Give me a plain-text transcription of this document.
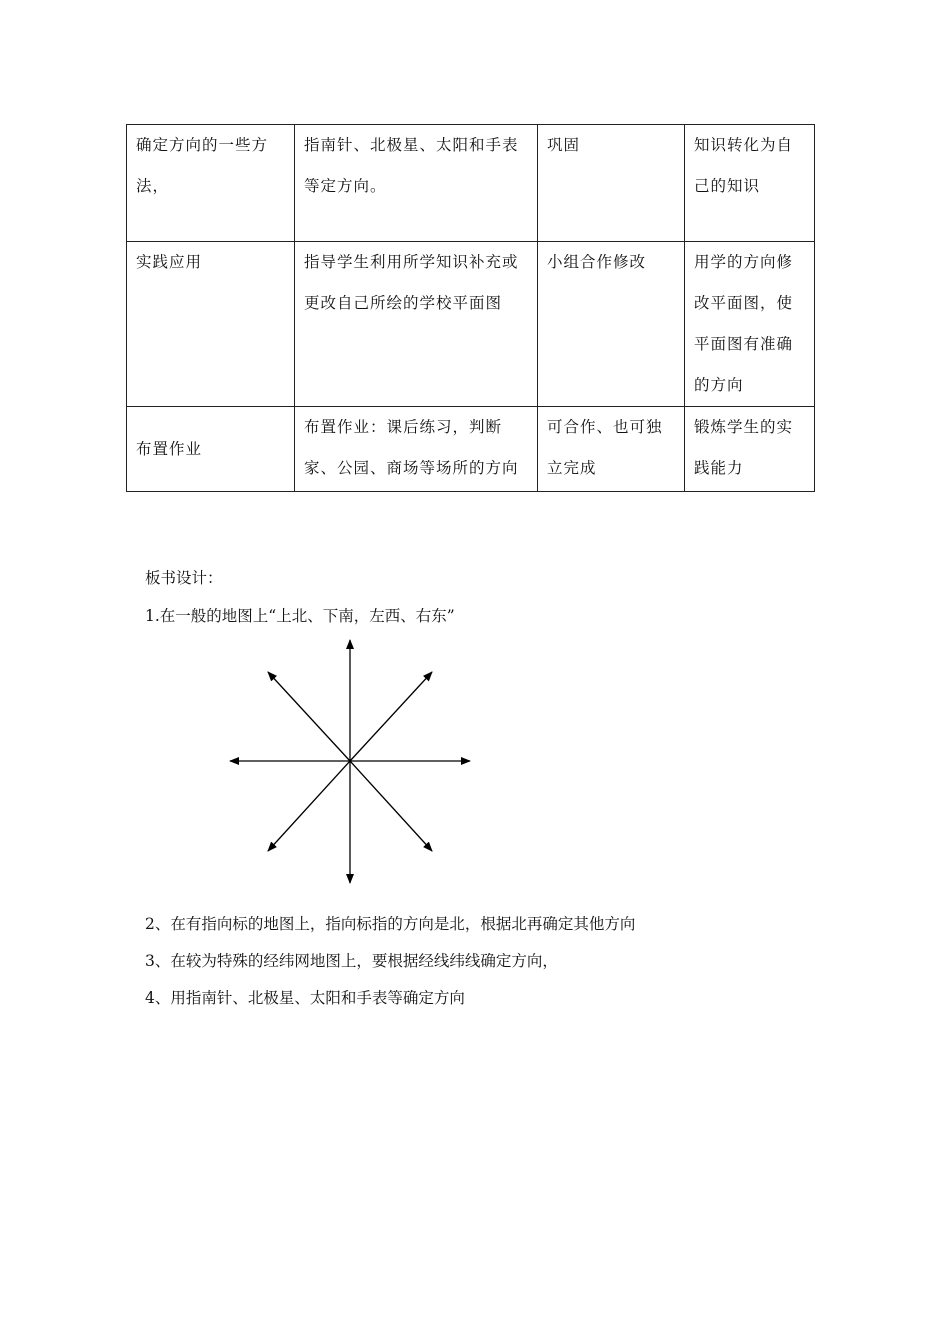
确定方向的一些方法，	指南针、北极星、太阳和手表等定方向。	巩固	知识转化为自己的知识
实践应用	指导学生利用所学知识补充或更改自己所绘的学校平面图	小组合作修改	用学的方向修改平面图，使平面图有准确的方向
布置作业	布置作业：课后练习，判断家、公园、商场等场所的方向	可合作、也可独立完成	锻炼学生的实践能力
板书设计：
1.在一般的地图上“上北、下南，左西、右东”
2、在有指向标的地图上，指向标指的方向是北，根据北再确定其他方向
3、在较为特殊的经纬网地图上，要根据经线纬线确定方向，
4、用指南针、北极星、太阳和手表等确定方向
